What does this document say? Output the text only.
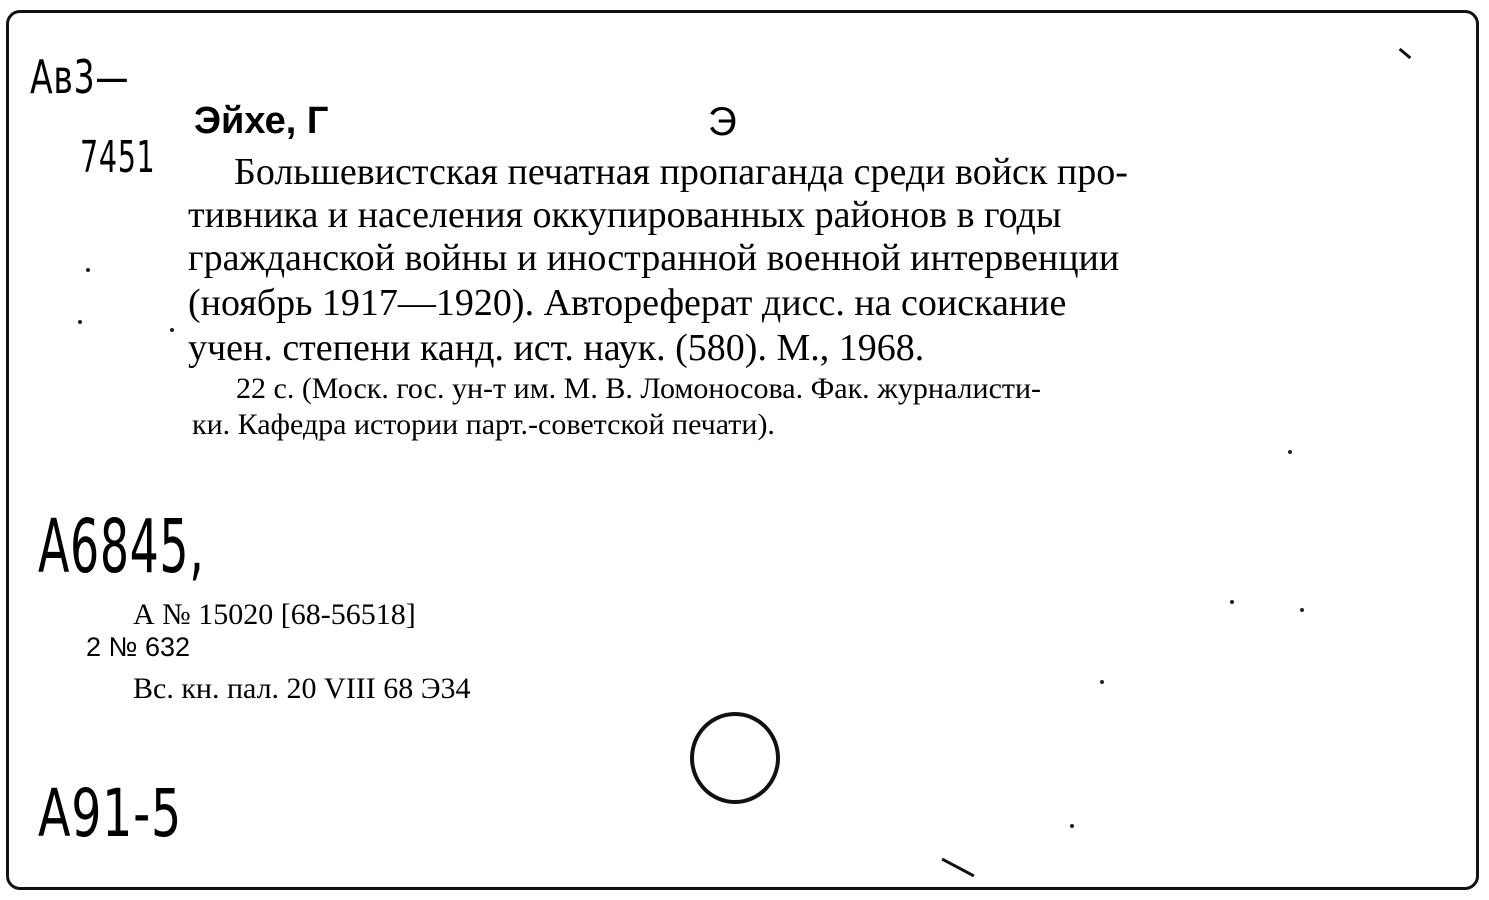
Ав3—
7451
Эйхе, Г	Э
Большевистская печатная пропаганда среди войск про-
тивника и населения оккупированных районов в годы
гражданской войны и иностранной военной интервенции
(ноябрь 1917—1920). Автореферат дисс. на соискание
учен. степени канд. ист. наук. (580). М., 1968.
22 с. (Моск. гос. ун-т им. М. В. Ломоносова. Фак. журналисти-
ки. Кафедра истории парт.-советской печати).
А6845,
А № 15020 [68-56518]
2 № 632
Вс. кн. пал. 20 VIII 68 Э34
А91-5
